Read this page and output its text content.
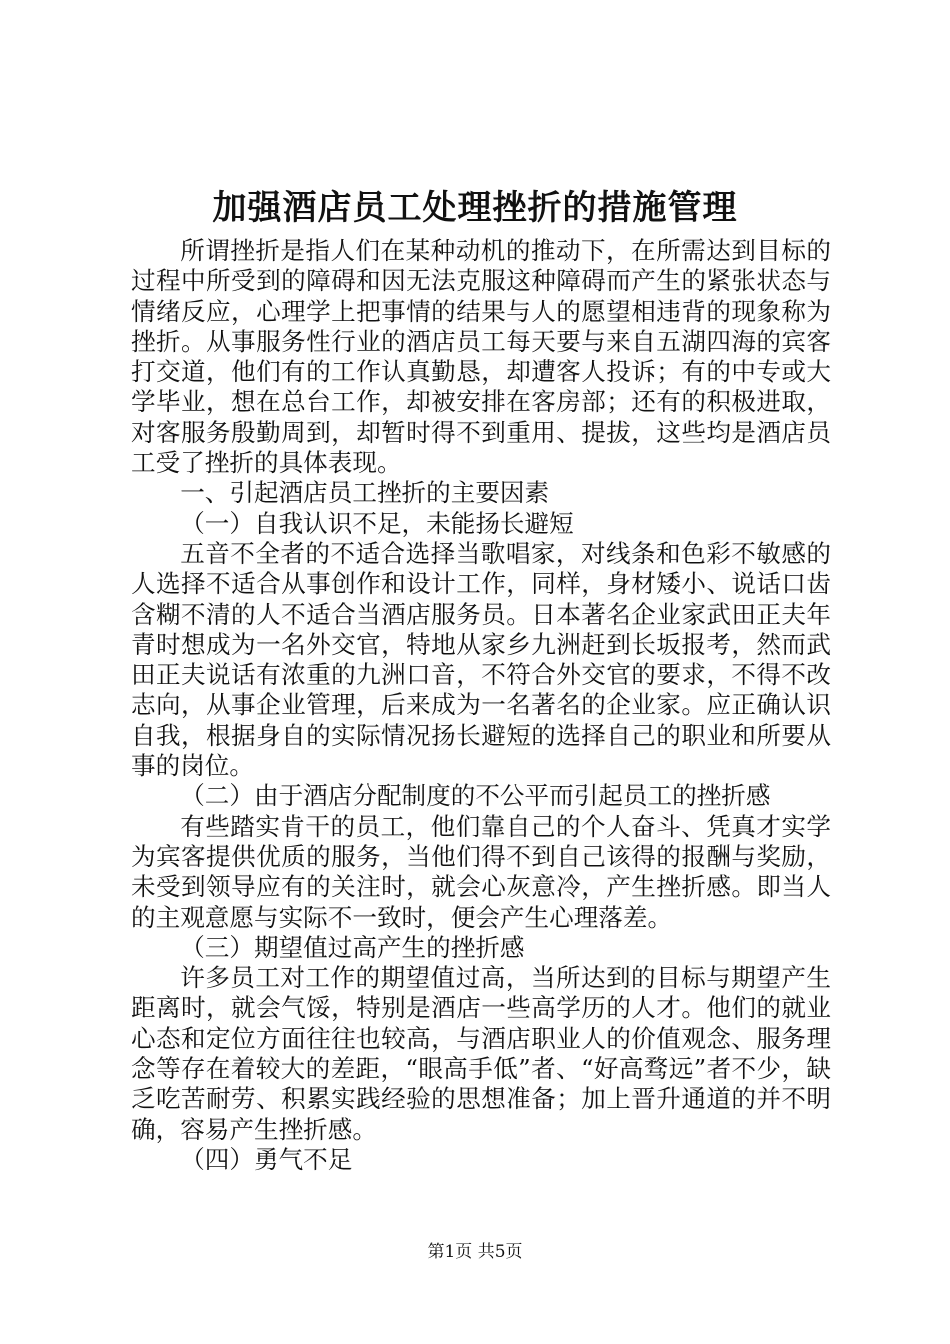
加强酒店员工处理挫折的措施管理

所谓挫折是指人们在某种动机的推动下，在所需达到目标的过程中所受到的障碍和因无法克服这种障碍而产生的紧张状态与情绪反应，心理学上把事情的结果与人的愿望相违背的现象称为挫折。从事服务性行业的酒店员工每天要与来自五湖四海的宾客打交道，他们有的工作认真勤恳，却遭客人投诉；有的中专或大学毕业，想在总台工作，却被安排在客房部；还有的积极进取，对客服务殷勤周到，却暂时得不到重用、提拔，这些均是酒店员工受了挫折的具体表现。

一、引起酒店员工挫折的主要因素

（一）自我认识不足，未能扬长避短

五音不全者的不适合选择当歌唱家，对线条和色彩不敏感的人选择不适合从事创作和设计工作，同样，身材矮小、说话口齿含糊不清的人不适合当酒店服务员。日本著名企业家武田正夫年青时想成为一名外交官，特地从家乡九洲赶到长坂报考，然而武田正夫说话有浓重的九洲口音，不符合外交官的要求，不得不改志向，从事企业管理，后来成为一名著名的企业家。应正确认识自我，根据身自的实际情况扬长避短的选择自己的职业和所要从事的岗位。

（二）由于酒店分配制度的不公平而引起员工的挫折感

有些踏实肯干的员工，他们靠自己的个人奋斗、凭真才实学为宾客提供优质的服务，当他们得不到自己该得的报酬与奖励，未受到领导应有的关注时，就会心灰意冷，产生挫折感。即当人的主观意愿与实际不一致时，便会产生心理落差。

（三）期望值过高产生的挫折感

许多员工对工作的期望值过高，当所达到的目标与期望产生距离时，就会气馁，特别是酒店一些高学历的人才。他们的就业心态和定位方面往往也较高，与酒店职业人的价值观念、服务理念等存在着较大的差距，“眼高手低”者、“好高骛远”者不少，缺乏吃苦耐劳、积累实践经验的思想准备；加上晋升通道的并不明确，容易产生挫折感。

（四）勇气不足

第1页 共5页
